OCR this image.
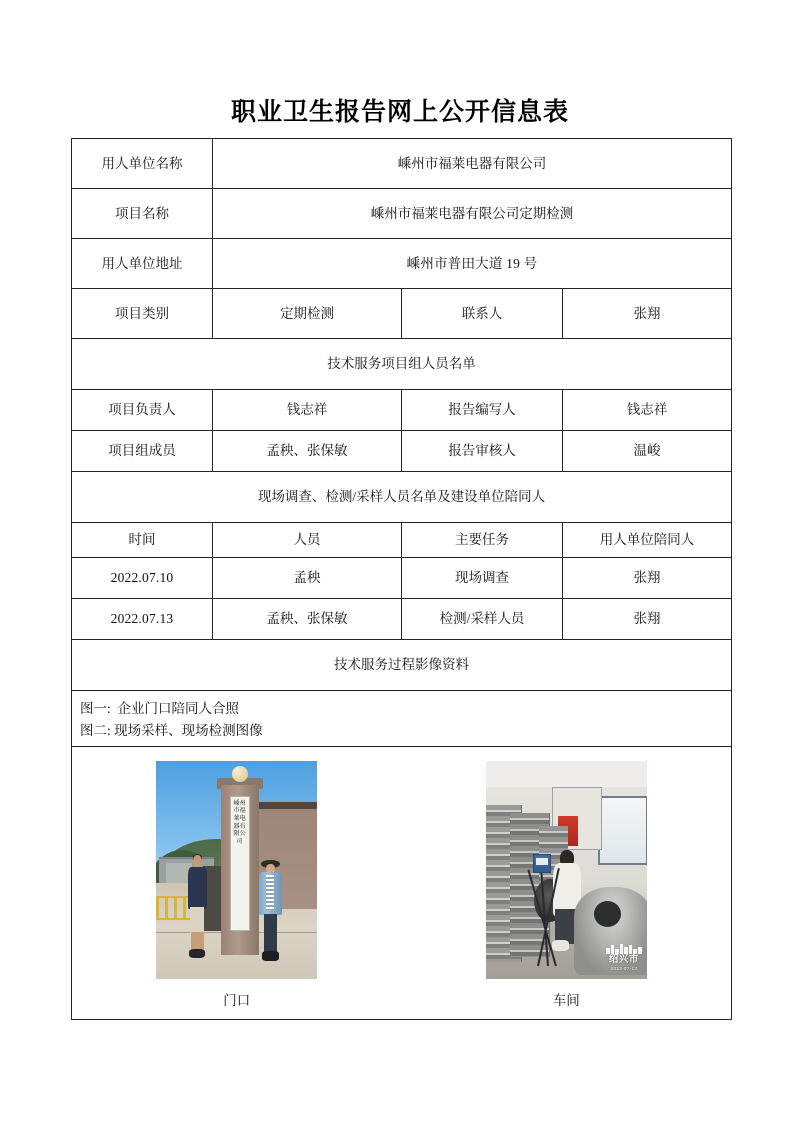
职业卫生报告网上公开信息表
用人单位名称	嵊州市福莱电器有限公司		
项目名称	嵊州市福莱电器有限公司定期检测		
用人单位地址	嵊州市普田大道 19 号		
项目类别	定期检测	联系人	张翔
技术服务项目组人员名单			
项目负责人	钱志祥	报告编写人	钱志祥
项目组成员	孟秧、张保敏	报告审核人	温峻
现场调查、检测/采样人员名单及建设单位陪同人			
时间	人员	主要任务	用人单位陪同人
2022.07.10	孟秧	现场调查	张翔
2022.07.13	孟秧、张保敏	检测/采样人员	张翔
技术服务过程影像资料			

图一:  企业门口陪同人合照
图二: 现场采样、现场检测图像			

嵊州市福莱电器有限公司
门口
绍兴市
2022-07-13
车间			
